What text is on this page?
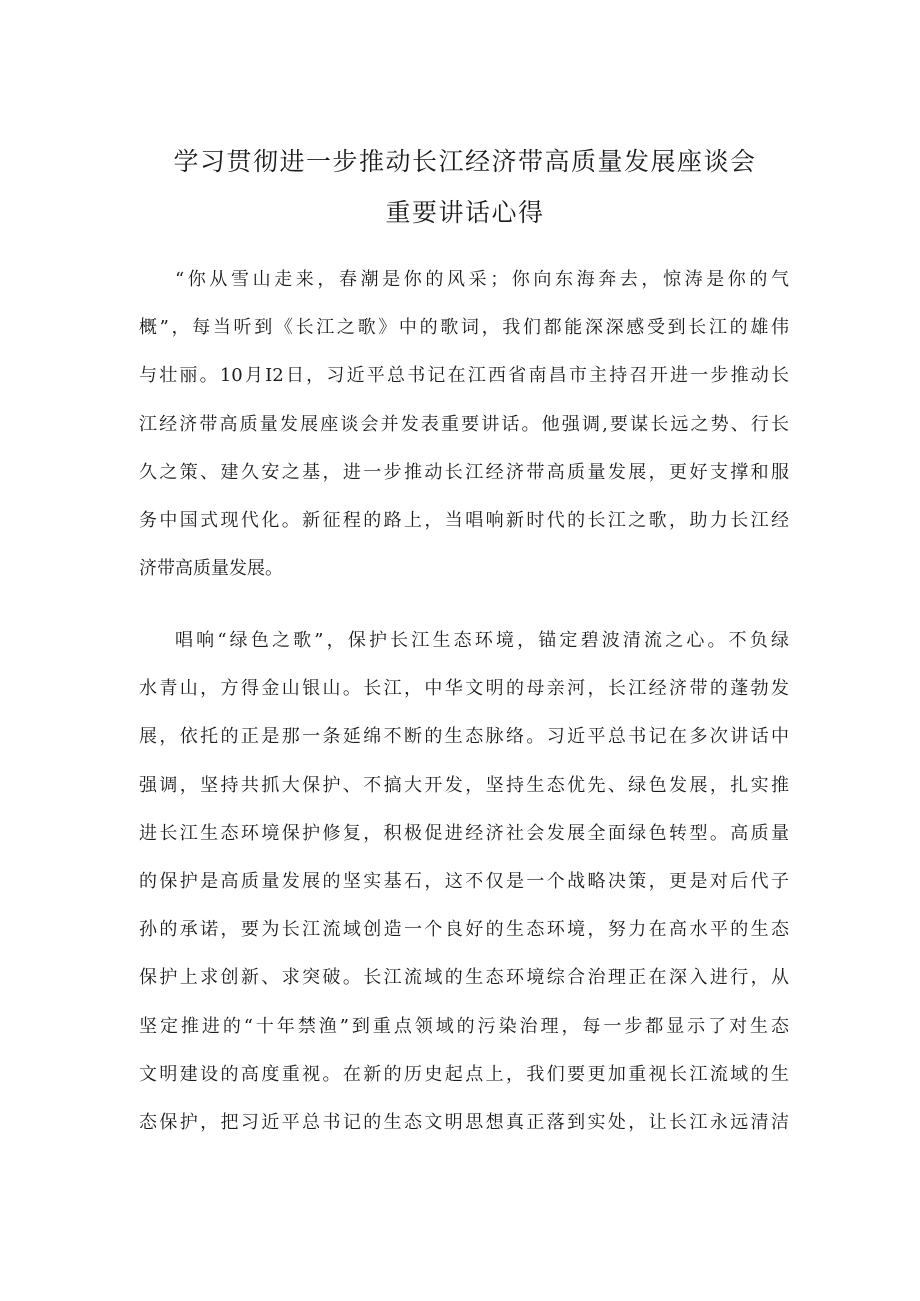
学习贯彻进一步推动长江经济带高质量发展座谈会
重要讲话心得
“你从雪山走来，春潮是你的风采；你向东海奔去，惊涛是你的气
概”，每当听到《长江之歌》中的歌词，我们都能深深感受到长江的雄伟
与壮丽。10月I2日，习近平总书记在江西省南昌市主持召开进一步推动长
江经济带高质量发展座谈会并发表重要讲话。他强调,要谋长远之势、行长
久之策、建久安之基，进一步推动长江经济带高质量发展，更好支撑和服
务中国式现代化。新征程的路上，当唱响新时代的长江之歌，助力长江经
济带高质量发展。
唱响“绿色之歌”，保护长江生态环境，锚定碧波清流之心。不负绿
水青山，方得金山银山。长江，中华文明的母亲河，长江经济带的蓬勃发
展，依托的正是那一条延绵不断的生态脉络。习近平总书记在多次讲话中
强调，坚持共抓大保护、不搞大开发，坚持生态优先、绿色发展，扎实推
进长江生态环境保护修复，积极促进经济社会发展全面绿色转型。高质量
的保护是高质量发展的坚实基石，这不仅是一个战略决策，更是对后代子
孙的承诺，要为长江流域创造一个良好的生态环境，努力在高水平的生态
保护上求创新、求突破。长江流域的生态环境综合治理正在深入进行，从
坚定推进的“十年禁渔”到重点领域的污染治理，每一步都显示了对生态
文明建设的高度重视。在新的历史起点上，我们要更加重视长江流域的生
态保护，把习近平总书记的生态文明思想真正落到实处，让长江永远清洁
